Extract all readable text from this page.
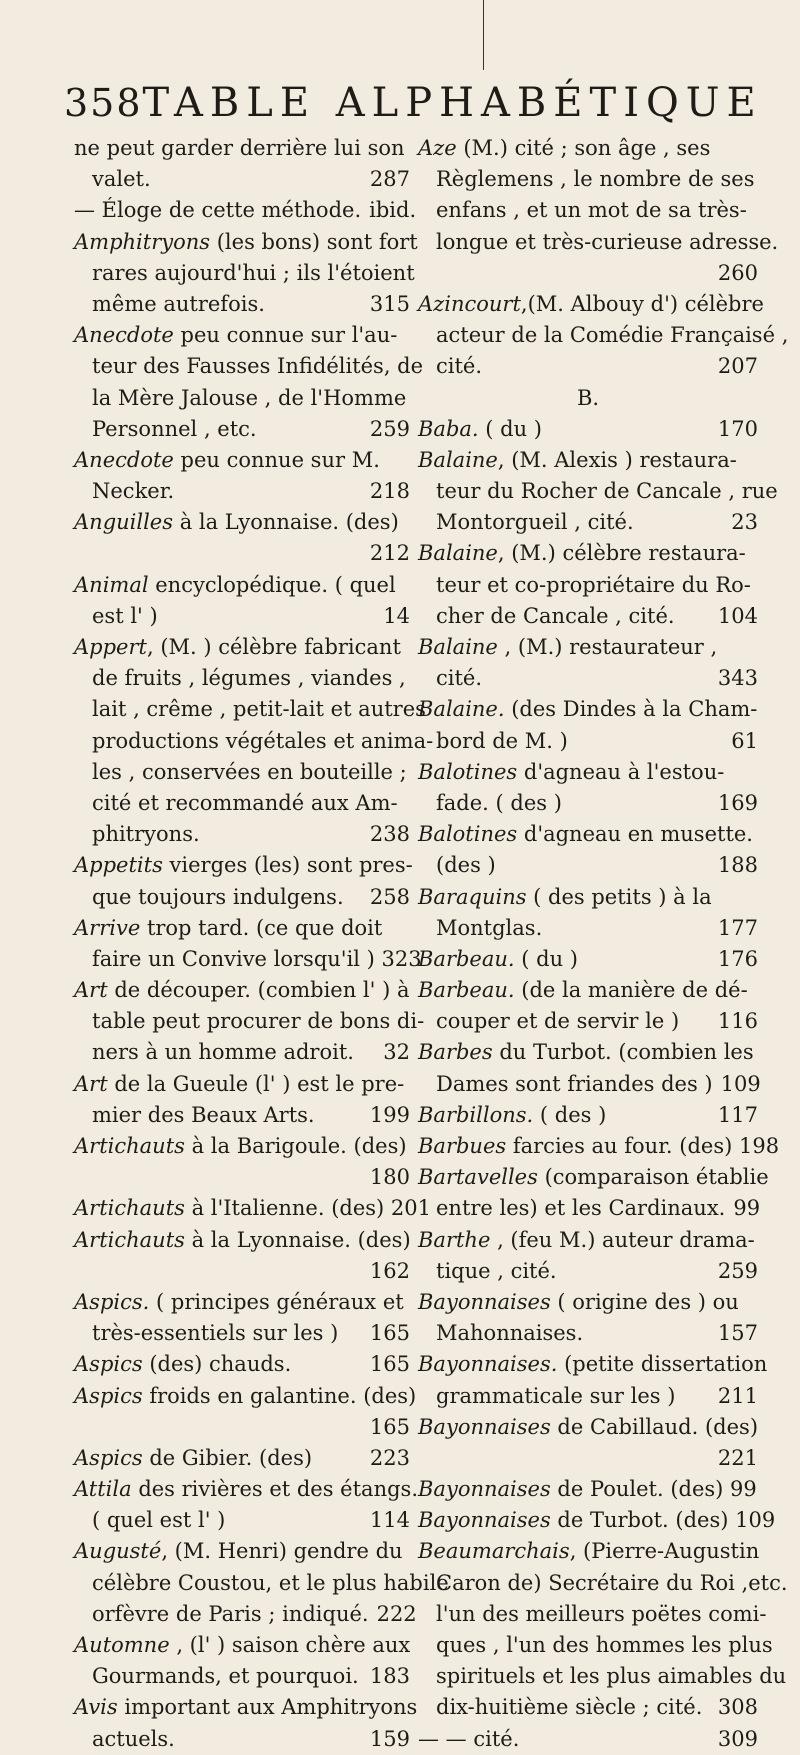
358 TABLE ALPHABÉTIQUE
ne peut garder derrière lui son
valet.	287
— Éloge de cette méthode. ibid.
Amphitryons (les bons) sont fort
rares aujourd'hui ; ils l'étoient
même autrefois.	315
Anecdote peu connue sur l'au-
teur des Fausses Infidélités, de
la Mère Jalouse , de l'Homme
Personnel , etc.	259
Anecdote peu connue sur M.
Necker.	218
Anguilles à la Lyonnaise. (des)
212
Animal encyclopédique. ( quel
est l' )	14
Appert, (M. ) célèbre fabricant
de fruits , légumes , viandes ,
lait , crême , petit-lait et autres
productions végétales et anima-
les , conservées en bouteille ;
cité et recommandé aux Am-
phitryons.	238
Appetits vierges (les) sont pres-
que toujours indulgens.	258
Arrive trop tard. (ce que doit
faire un Convive lorsqu'il ) 323
Art de découper. (combien l' ) à
table peut procurer de bons di-
ners à un homme adroit.	32
Art de la Gueule (l' ) est le pre-
mier des Beaux Arts.	199
Artichauts à la Barigoule. (des)
180
Artichauts à l'Italienne. (des) 201
Artichauts à la Lyonnaise. (des)
162
Aspics. ( principes généraux et
très-essentiels sur les )	165
Aspics (des) chauds.	165
Aspics froids en galantine. (des)
165
Aspics de Gibier. (des)	223
Attila des rivières et des étangs.
( quel est l' )	114
Augusté, (M. Henri) gendre du
célèbre Coustou, et le plus habile
orfèvre de Paris ; indiqué. 222
Automne , (l' ) saison chère aux
Gourmands, et pourquoi. 183
Avis important aux Amphitryons
actuels.	159
Aze (M.) cité ; son âge , ses
Règlemens , le nombre de ses
enfans , et un mot de sa très-
longue et très-curieuse adresse.
260
Azincourt,(M. Albouy d') célèbre
acteur de la Comédie Françaisé ,
cité.	207
B.
Baba. ( du )	170
Balaine, (M. Alexis ) restaura-
teur du Rocher de Cancale , rue
Montorgueil , cité.	23
Balaine, (M.) célèbre restaura-
teur et co-propriétaire du Ro-
cher de Cancale , cité.	104
Balaine , (M.) restaurateur ,
cité.	343
Balaine. (des Dindes à la Cham-
bord de M. )	61
Balotines d'agneau à l'estou-
fade. ( des )	169
Balotines d'agneau en musette.
(des )	188
Baraquins ( des petits ) à la
Montglas.	177
Barbeau. ( du )	176
Barbeau. (de la manière de dé-
couper et de servir le )	116
Barbes du Turbot. (combien les
Dames sont friandes des ) 109
Barbillons. ( des )	117
Barbues farcies au four. (des) 198
Bartavelles (comparaison établie
entre les) et les Cardinaux. 99
Barthe , (feu M.) auteur drama-
tique , cité.	259
Bayonnaises ( origine des ) ou
Mahonnaises.	157
Bayonnaises. (petite dissertation
grammaticale sur les )	211
Bayonnaises de Cabillaud. (des)
221
Bayonnaises de Poulet. (des) 99
Bayonnaises de Turbot. (des) 109
Beaumarchais, (Pierre-Augustin
Caron de) Secrétaire du Roi ,etc.
l'un des meilleurs poëtes comi-
ques , l'un des hommes les plus
spirituels et les plus aimables du
dix-huitième siècle ; cité. 308
— — cité.	309
